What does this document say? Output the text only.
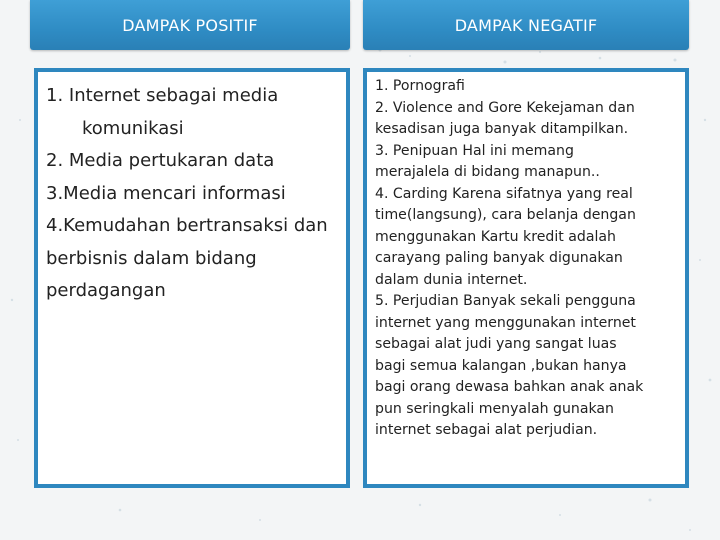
DAMPAK POSITIF	DAMPAK NEGATIF
1. Internet sebagai media
komunikasi
2. Media pertukaran data
3.Media mencari informasi
4.Kemudahan bertransaksi dan
berbisnis dalam bidang
perdagangan
1. Pornografi
2. Violence and Gore Kekejaman dan
kesadisan juga banyak ditampilkan.
3. Penipuan Hal ini memang
merajalela di bidang manapun..
4. Carding Karena sifatnya yang real
time(langsung), cara belanja dengan
menggunakan Kartu kredit adalah
carayang paling banyak digunakan
dalam dunia internet.
5. Perjudian Banyak sekali pengguna
internet yang menggunakan internet
sebagai alat judi yang sangat luas
bagi semua kalangan ,bukan hanya
bagi orang dewasa bahkan anak anak
pun seringkali menyalah gunakan
internet sebagai alat perjudian.
